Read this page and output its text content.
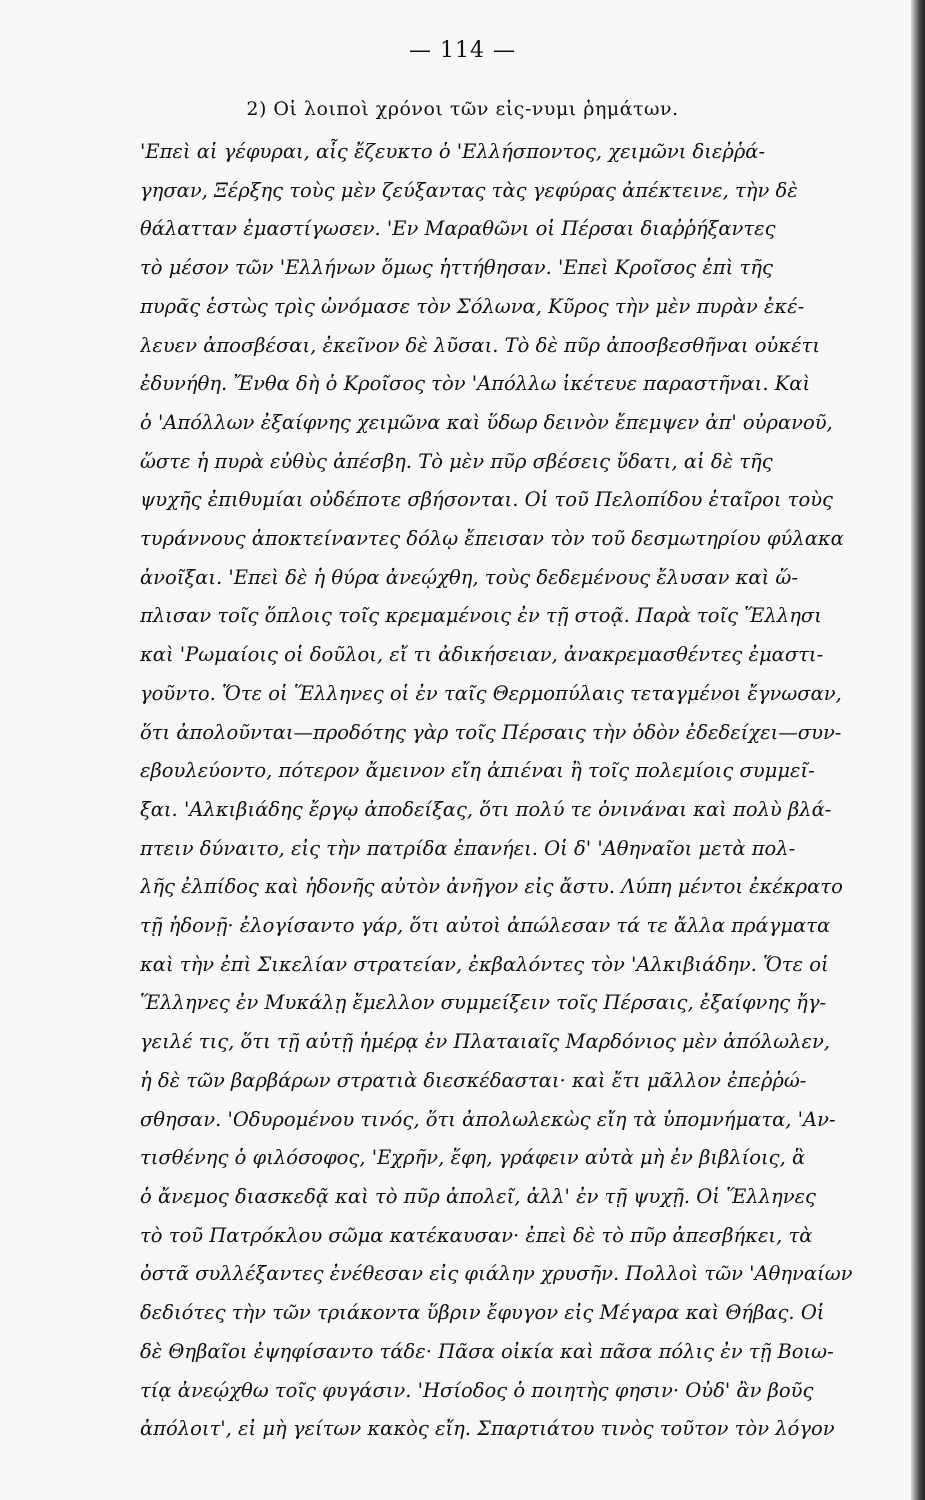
— 114 —
2) Οἱ λοιποὶ χρόνοι τῶν εἰς-νυμι ῥημάτων.
'Επεὶ αἱ γέφυραι, αἷς ἔζευκτο ὁ 'Ελλήσποντος, χειμῶνι διεῤῥά-
γησαν, Ξέρξης τοὺς μὲν ζεύξαντας τὰς γεφύρας ἀπέκτεινε, τὴν δὲ
θάλατταν ἐμαστίγωσεν. 'Εν Μαραθῶνι οἱ Πέρσαι διαῤῥήξαντες
τὸ μέσον τῶν 'Ελλήνων ὅμως ἡττήθησαν. 'Επεὶ Κροῖσος ἐπὶ τῆς
πυρᾶς ἑστὼς τρὶς ὠνόμασε τὸν Σόλωνα, Κῦρος τὴν μὲν πυρὰν ἐκέ-
λευεν ἀποσβέσαι, ἐκεῖνον δὲ λῦσαι. Τὸ δὲ πῦρ ἀποσβεσθῆναι οὐκέτι
ἐδυνήθη. Ἔνθα δὴ ὁ Κροῖσος τὸν 'Απόλλω ἱκέτευε παραστῆναι. Καὶ
ὁ 'Απόλλων ἐξαίφνης χειμῶνα καὶ ὕδωρ δεινὸν ἔπεμψεν ἀπ' οὐρανοῦ,
ὥστε ἡ πυρὰ εὐθὺς ἀπέσβη. Τὸ μὲν πῦρ σβέσεις ὕδατι, αἱ δὲ τῆς
ψυχῆς ἐπιθυμίαι οὐδέποτε σβήσονται. Οἱ τοῦ Πελοπίδου ἑταῖροι τοὺς
τυράννους ἀποκτείναντες δόλῳ ἔπεισαν τὸν τοῦ δεσμωτηρίου φύλακα
ἀνοῖξαι. 'Επεὶ δὲ ἡ θύρα ἀνεῴχθη, τοὺς δεδεμένους ἔλυσαν καὶ ὥ-
πλισαν τοῖς ὅπλοις τοῖς κρεμαμένοις ἐν τῇ στοᾷ. Παρὰ τοῖς Ἕλλησι
καὶ 'Ρωμαίοις οἱ δοῦλοι, εἴ τι ἀδικήσειαν, ἀνακρεμασθέντες ἐμαστι-
γοῦντο. Ὅτε οἱ Ἕλληνες οἱ ἐν ταῖς Θερμοπύλαις τεταγμένοι ἔγνωσαν,
ὅτι ἀπολοῦνται—προδότης γὰρ τοῖς Πέρσαις τὴν ὁδὸν ἐδεδείχει—συν-
εβουλεύοντο, πότερον ἄμεινον εἴη ἀπιέναι ἢ τοῖς πολεμίοις συμμεῖ-
ξαι. 'Αλκιβιάδης ἔργῳ ἀποδείξας, ὅτι πολύ τε ὀνινάναι καὶ πολὺ βλά-
πτειν δύναιτο, εἰς τὴν πατρίδα ἐπανήει. Οἱ δ' 'Αθηναῖοι μετὰ πολ-
λῆς ἐλπίδος καὶ ἡδονῆς αὐτὸν ἀνῆγον εἰς ἄστυ. Λύπη μέντοι ἐκέκρατο
τῇ ἡδονῇ· ἐλογίσαντο γάρ, ὅτι αὐτοὶ ἀπώλεσαν τά τε ἄλλα πράγματα
καὶ τὴν ἐπὶ Σικελίαν στρατείαν, ἐκβαλόντες τὸν 'Αλκιβιάδην. Ὅτε οἱ
Ἕλληνες ἐν Μυκάλῃ ἔμελλον συμμείξειν τοῖς Πέρσαις, ἐξαίφνης ἤγ-
γειλέ τις, ὅτι τῇ αὐτῇ ἡμέρᾳ ἐν Πλαταιαῖς Μαρδόνιος μὲν ἀπόλωλεν,
ἡ δὲ τῶν βαρβάρων στρατιὰ διεσκέδασται· καὶ ἔτι μᾶλλον ἐπεῤῥώ-
σθησαν. 'Οδυρομένου τινός, ὅτι ἀπολωλεκὼς εἴη τὰ ὑπομνήματα, 'Αν-
τισθένης ὁ φιλόσοφος, 'Εχρῆν, ἔφη, γράφειν αὐτὰ μὴ ἐν βιβλίοις, ἃ
ὁ ἄνεμος διασκεδᾷ καὶ τὸ πῦρ ἀπολεῖ, ἀλλ' ἐν τῇ ψυχῇ. Οἱ Ἕλληνες
τὸ τοῦ Πατρόκλου σῶμα κατέκαυσαν· ἐπεὶ δὲ τὸ πῦρ ἀπεσβήκει, τὰ
ὀστᾶ συλλέξαντες ἐνέθεσαν εἰς φιάλην χρυσῆν. Πολλοὶ τῶν 'Αθηναίων
δεδιότες τὴν τῶν τριάκοντα ὕβριν ἔφυγον εἰς Μέγαρα καὶ Θήβας. Οἱ
δὲ Θηβαῖοι ἐψηφίσαντο τάδε· Πᾶσα οἰκία καὶ πᾶσα πόλις ἐν τῇ Βοιω-
τίᾳ ἀνεῴχθω τοῖς φυγάσιν. 'Ησίοδος ὁ ποιητὴς φησιν· Οὐδ' ἂν βοῦς
ἀπόλοιτ', εἰ μὴ γείτων κακὸς εἴη. Σπαρτιάτου τινὸς τοῦτον τὸν λόγον
